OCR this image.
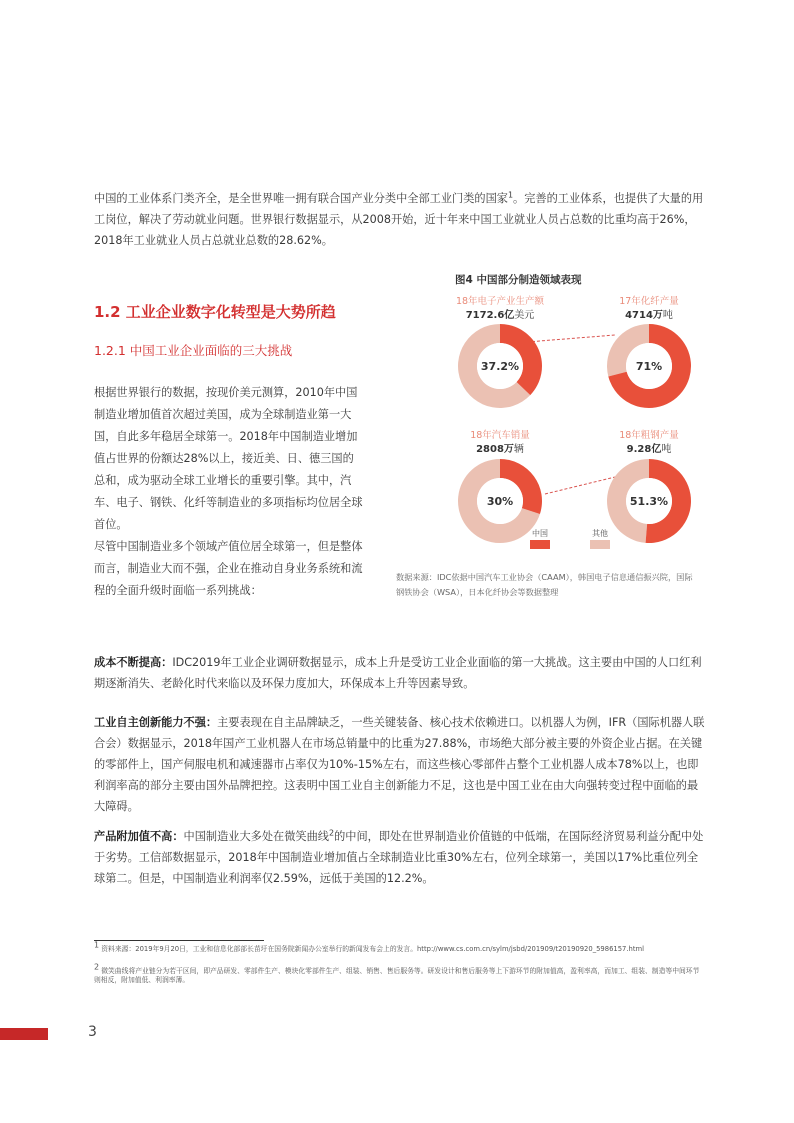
中国的工业体系门类齐全，是全世界唯一拥有联合国产业分类中全部工业门类的国家$^1$。完善的工业体系，也提供了大量的用工岗位，解决了劳动就业问题。世界银行数据显示，从2008开始，近十年来中国工业就业人员占总数的比重均高于26%，2018年工业就业人员占总就业总数的28.62%。
1.2 工业企业数字化转型是大势所趋
1.2.1 中国工业企业面临的三大挑战
根据世界银行的数据，按现价美元测算，2010年中国制造业增加值首次超过美国，成为全球制造业第一大国，自此多年稳居全球第一。2018年中国制造业增加值占世界的份额达28%以上，接近美、日、德三国的总和，成为驱动全球工业增长的重要引擎。其中，汽车、电子、钢铁、化纤等制造业的多项指标均位居全球首位。
尽管中国制造业多个领域产值位居全球第一，但是整体而言，制造业大而不强，企业在推动自身业务系统和流程的全面升级时面临一系列挑战：
图4 中国部分制造领域表现
37.2%
18年电子产业生产额
7172.6亿美元
71%
17年化纤产量
4714万吨
30%
18年汽车销量
2808万辆
51.3%
18年粗钢产量
9.28亿吨
中国	其他
数据来源：IDC依据中国汽车工业协会（CAAM），韩国电子信息通信振兴院，国际钢铁协会（WSA），日本化纤协会等数据整理
成本不断提高：IDC2019年工业企业调研数据显示，成本上升是受访工业企业面临的第一大挑战。这主要由中国的人口红利期逐渐消失、老龄化时代来临以及环保力度加大，环保成本上升等因素导致。
工业自主创新能力不强：主要表现在自主品牌缺乏，一些关键装备、核心技术依赖进口。以机器人为例，IFR（国际机器人联合会）数据显示，2018年国产工业机器人在市场总销量中的比重为27.88%，市场绝大部分被主要的外资企业占据。在关键的零部件上，国产伺服电机和减速器市占率仅为10%-15%左右，而这些核心零部件占整个工业机器人成本78%以上，也即利润率高的部分主要由国外品牌把控。这表明中国工业自主创新能力不足，这也是中国工业在由大向强转变过程中面临的最大障碍。
产品附加值不高：中国制造业大多处在微笑曲线$^2$的中间，即处在世界制造业价值链的中低端，在国际经济贸易利益分配中处于劣势。工信部数据显示，2018年中国制造业增加值占全球制造业比重30%左右，位列全球第一，美国以17%比重位列全球第二。但是，中国制造业利润率仅2.59%，远低于美国的12.2%。
$^1$ 资料来源：2019年9月20日，工业和信息化部部长苗圩在国务院新闻办公室举行的新闻发布会上的发言。http://www.cs.com.cn/sylm/jsbd/201909/t20190920_5986157.html
$^2$ 微笑曲线将产业链分为若干区间，即产品研发、零部件生产、模块化零部件生产、组装、销售、售后服务等。研发设计和售后服务等上下游环节的附加值高，盈利率高，而加工、组装、制造等中间环节则相反，附加值低、利润率薄。
3
